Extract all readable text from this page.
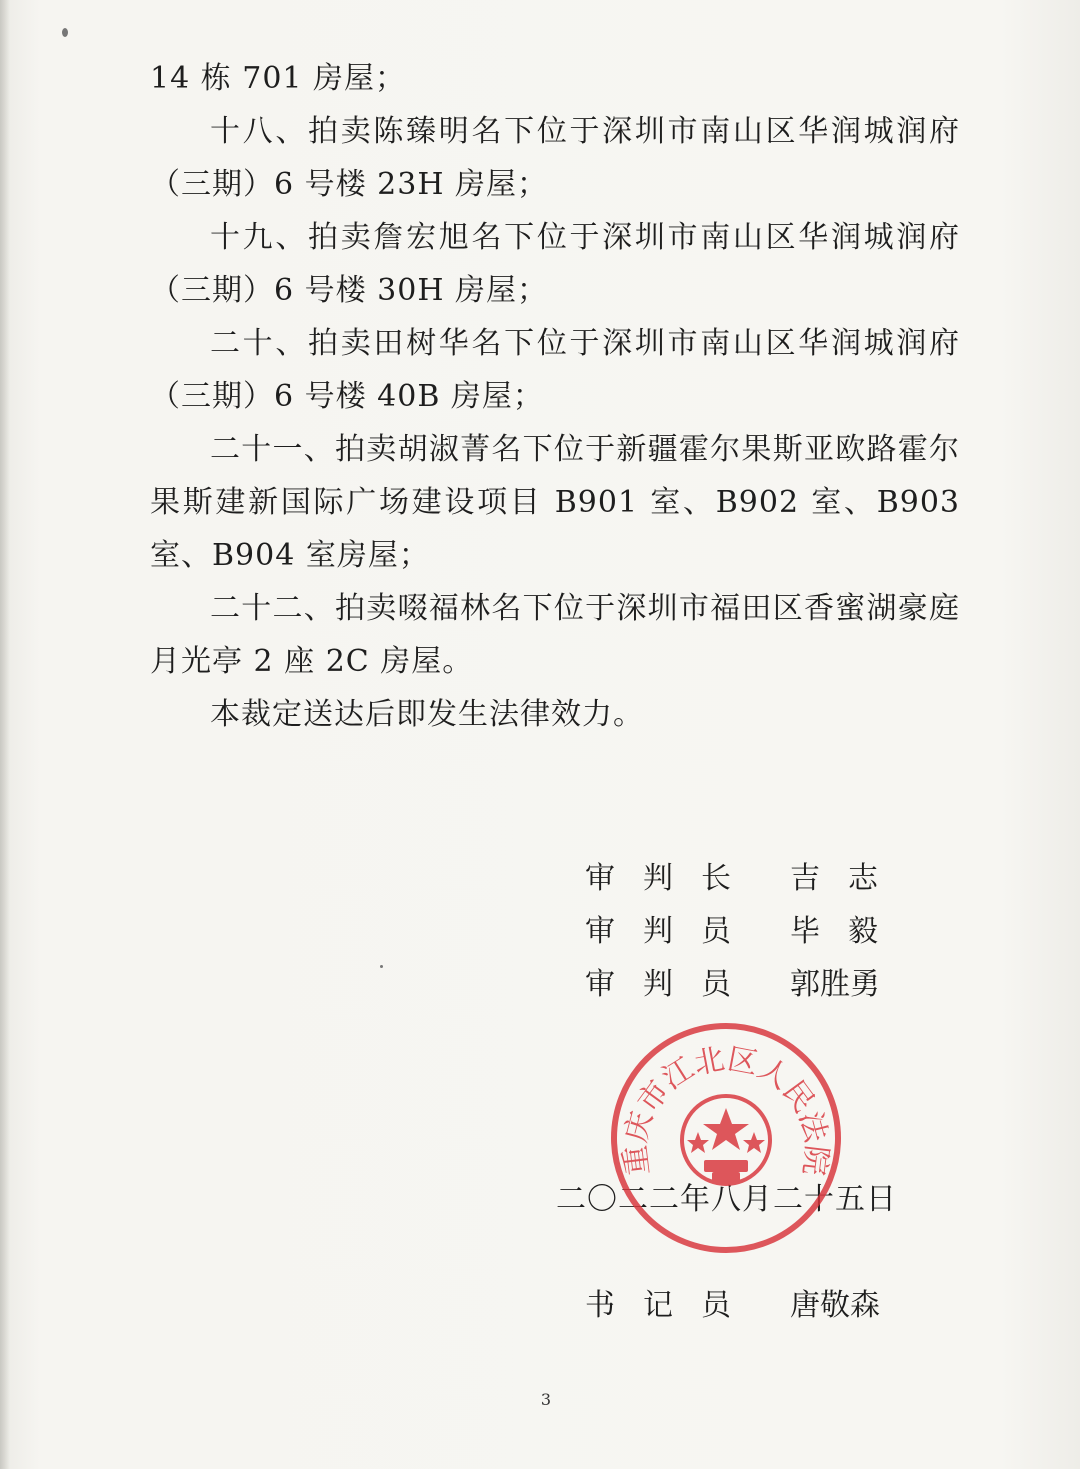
14 栋 701 房屋；

十八、拍卖陈臻明名下位于深圳市南山区华润城润府（三期）6 号楼 23H 房屋；

十九、拍卖詹宏旭名下位于深圳市南山区华润城润府（三期）6 号楼 30H 房屋；

二十、拍卖田树华名下位于深圳市南山区华润城润府（三期）6 号楼 40B 房屋；

二十一、拍卖胡淑菁名下位于新疆霍尔果斯亚欧路霍尔果斯建新国际广场建设项目 B901 室、B902 室、B903 室、B904 室房屋；

二十二、拍卖啜福林名下位于深圳市福田区香蜜湖豪庭月光亭 2 座 2C 房屋。

本裁定送达后即发生法律效力。

审判长 吉志
审判员 毕毅
审判员 郭胜勇
二〇二二年八月二十五日
重庆市江北区人民法院
书记员 唐敬森
3
